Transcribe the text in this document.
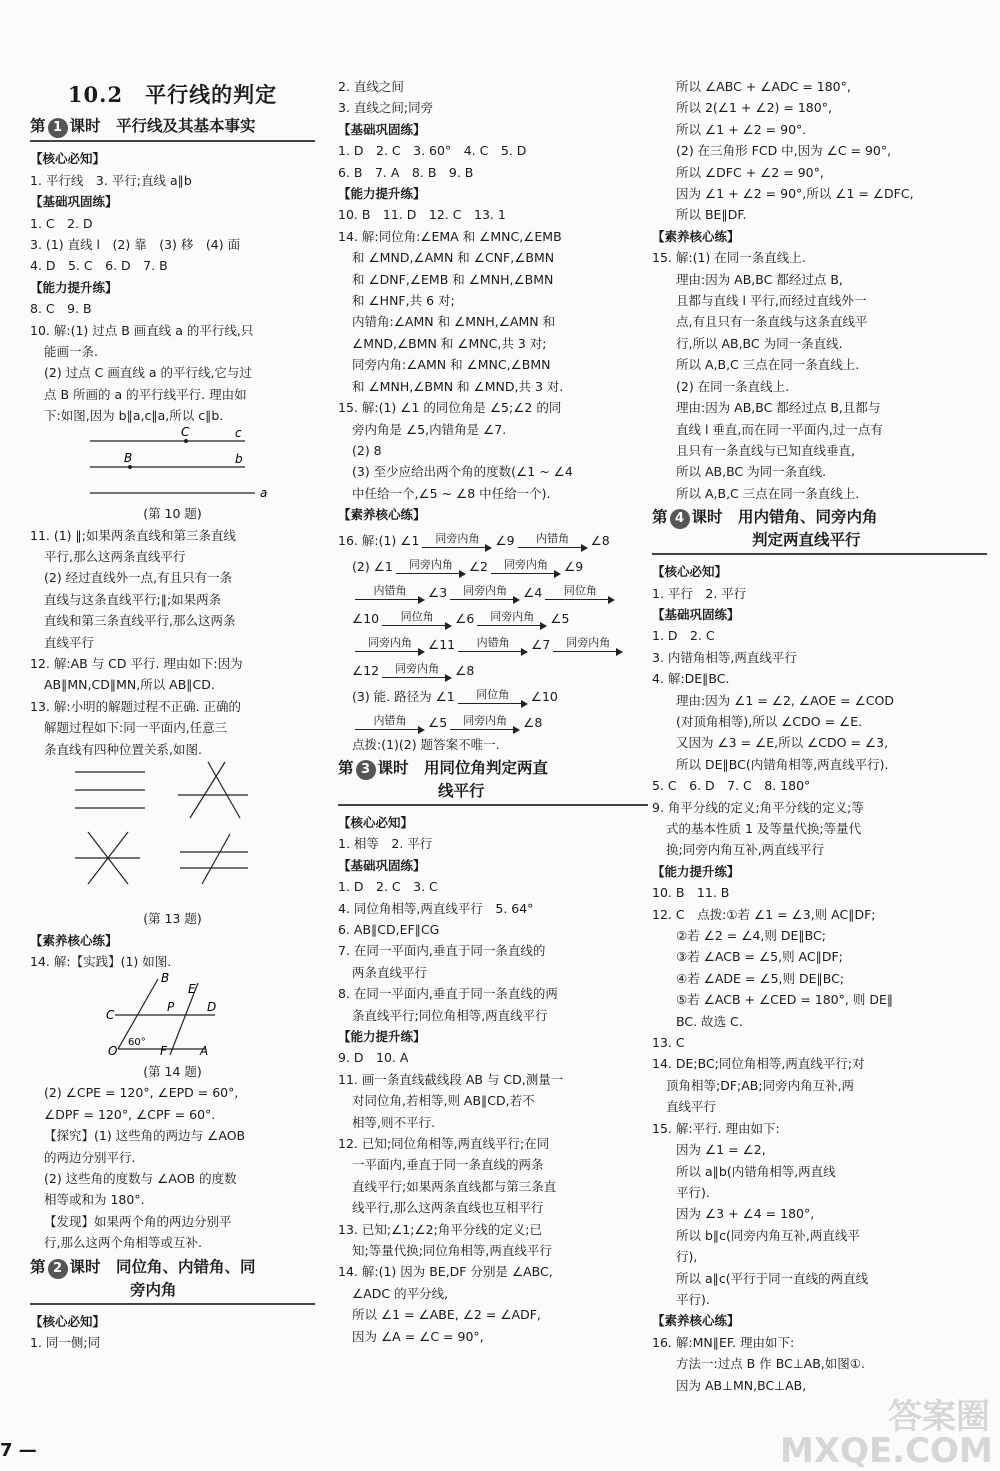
10.2　平行线的判定
第 1 课时　平行线及其基本事实
【核心必知】
1. 平行线　3. 平行;直线 a∥b
【基础巩固练】
1. C　2. D
3. (1) 直线 l　(2) 靠　(3) 移　(4) 面
4. D　5. C　6. D　7. B
【能力提升练】
8. C　9. B
10. 解:(1) 过点 B 画直线 a 的平行线,只
能画一条.
(2) 过点 C 画直线 a 的平行线,它与过
点 B 所画的 a 的平行线平行. 理由如
下:如图,因为 b∥a,c∥a,所以 c∥b.
C	c
B	b
a
(第 10 题)
11. (1) ∥;如果两条直线和第三条直线
平行,那么这两条直线平行
(2) 经过直线外一点,有且只有一条
直线与这条直线平行;∥;如果两条
直线和第三条直线平行,那么这两条
直线平行
12. 解:AB 与 CD 平行. 理由如下:因为
AB∥MN,CD∥MN,所以 AB∥CD.
13. 解:小明的解题过程不正确. 正确的
解题过程如下:同一平面内,任意三
条直线有四种位置关系,如图.
(第 13 题)
【素养核心练】
14. 解:【实践】(1) 如图.
B
E
C
P	D
O	F	A
60°
(第 14 题)
(2) ∠CPE = 120°, ∠EPD = 60°,
∠DPF = 120°, ∠CPF = 60°.
【探究】(1) 这些角的两边与 ∠AOB
的两边分别平行.
(2) 这些角的度数与 ∠AOB 的度数
相等或和为 180°.
【发现】如果两个角的两边分别平
行,那么这两个角相等或互补.
第 2 课时　同位角、内错角、同
旁内角
【核心必知】
1. 同一侧;同
2. 直线之间
3. 直线之间;同旁
【基础巩固练】
1. D　2. C　3. 60°　4. C　5. D
6. B　7. A　8. B　9. B
【能力提升练】
10. B　11. D　12. C　13. 1
14. 解:同位角:∠EMA 和 ∠MNC,∠EMB
和 ∠MND,∠AMN 和 ∠CNF,∠BMN
和 ∠DNF,∠EMB 和 ∠MNH,∠BMN
和 ∠HNF,共 6 对;
内错角:∠AMN 和 ∠MNH,∠AMN 和
∠MND,∠BMN 和 ∠MNC,共 3 对;
同旁内角:∠AMN 和 ∠MNC,∠BMN
和 ∠MNH,∠BMN 和 ∠MND,共 3 对.
15. 解:(1) ∠1 的同位角是 ∠5;∠2 的同
旁内角是 ∠5,内错角是 ∠7.
(2) 8
(3) 至少应给出两个角的度数(∠1 ~ ∠4
中任给一个,∠5 ~ ∠8 中任给一个).
【素养核心练】
16. 解:(1) ∠1 同旁内角 ∠9 内错角 ∠8
(2) ∠1 同旁内角 ∠2 同旁内角 ∠9
内错角 ∠3 同旁内角 ∠4 同位角
∠10 同位角 ∠6 同旁内角 ∠5
同旁内角 ∠11 内错角 ∠7 同旁内角
∠12 同旁内角 ∠8
(3) 能. 路径为 ∠1 同位角 ∠10
内错角 ∠5 同旁内角 ∠8
点拨:(1)(2) 题答案不唯一.
第 3 课时　用同位角判定两直
线平行
【核心必知】
1. 相等　2. 平行
【基础巩固练】
1. D　2. C　3. C
4. 同位角相等,两直线平行　5. 64°
6. AB∥CD,EF∥CG
7. 在同一平面内,垂直于同一条直线的
两条直线平行
8. 在同一平面内,垂直于同一条直线的两
条直线平行;同位角相等,两直线平行
【能力提升练】
9. D　10. A
11. 画一条直线截线段 AB 与 CD,测量一
对同位角,若相等,则 AB∥CD,若不
相等,则不平行.
12. 已知;同位角相等,两直线平行;在同
一平面内,垂直于同一条直线的两条
直线平行;如果两条直线都与第三条直
线平行,那么这两条直线也互相平行
13. 已知;∠1;∠2;角平分线的定义;已
知;等量代换;同位角相等,两直线平行
14. 解:(1) 因为 BE,DF 分别是 ∠ABC,
∠ADC 的平分线,
所以 ∠1 = ∠ABE, ∠2 = ∠ADF,
因为 ∠A = ∠C = 90°,
所以 ∠ABC + ∠ADC = 180°,
所以 2(∠1 + ∠2) = 180°,
所以 ∠1 + ∠2 = 90°.
(2) 在三角形 FCD 中,因为 ∠C = 90°,
所以 ∠DFC + ∠2 = 90°,
因为 ∠1 + ∠2 = 90°,所以 ∠1 = ∠DFC,
所以 BE∥DF.
【素养核心练】
15. 解:(1) 在同一条直线上.
理由:因为 AB,BC 都经过点 B,
且都与直线 l 平行,而经过直线外一
点,有且只有一条直线与这条直线平
行,所以 AB,BC 为同一条直线.
所以 A,B,C 三点在同一条直线上.
(2) 在同一条直线上.
理由:因为 AB,BC 都经过点 B,且都与
直线 l 垂直,而在同一平面内,过一点有
且只有一条直线与已知直线垂直,
所以 AB,BC 为同一条直线.
所以 A,B,C 三点在同一条直线上.
第 4 课时　用内错角、同旁内角
判定两直线平行
【核心必知】
1. 平行　2. 平行
【基础巩固练】
1. D　2. C
3. 内错角相等,两直线平行
4. 解:DE∥BC.
理由:因为 ∠1 = ∠2, ∠AOE = ∠COD
(对顶角相等),所以 ∠CDO = ∠E.
又因为 ∠3 = ∠E,所以 ∠CDO = ∠3,
所以 DE∥BC(内错角相等,两直线平行).
5. C　6. D　7. C　8. 180°
9. 角平分线的定义;角平分线的定义;等
式的基本性质 1 及等量代换;等量代
换;同旁内角互补,两直线平行
【能力提升练】
10. B　11. B
12. C　点拨:①若 ∠1 = ∠3,则 AC∥DF;
②若 ∠2 = ∠4,则 DE∥BC;
③若 ∠ACB = ∠5,则 AC∥DF;
④若 ∠ADE = ∠5,则 DE∥BC;
⑤若 ∠ACB + ∠CED = 180°, 则 DE∥
BC. 故选 C.
13. C
14. DE;BC;同位角相等,两直线平行;对
顶角相等;DF;AB;同旁内角互补,两
直线平行
15. 解:平行. 理由如下:
因为 ∠1 = ∠2,
所以 a∥b(内错角相等,两直线
平行).
因为 ∠3 + ∠4 = 180°,
所以 b∥c(同旁内角互补,两直线平
行),
所以 a∥c(平行于同一直线的两直线
平行).
【素养核心练】
16. 解:MN∥EF. 理由如下:
方法一:过点 B 作 BC⊥AB,如图①.
因为 AB⊥MN,BC⊥AB,
7 —
答案圈 MXQE.COM
